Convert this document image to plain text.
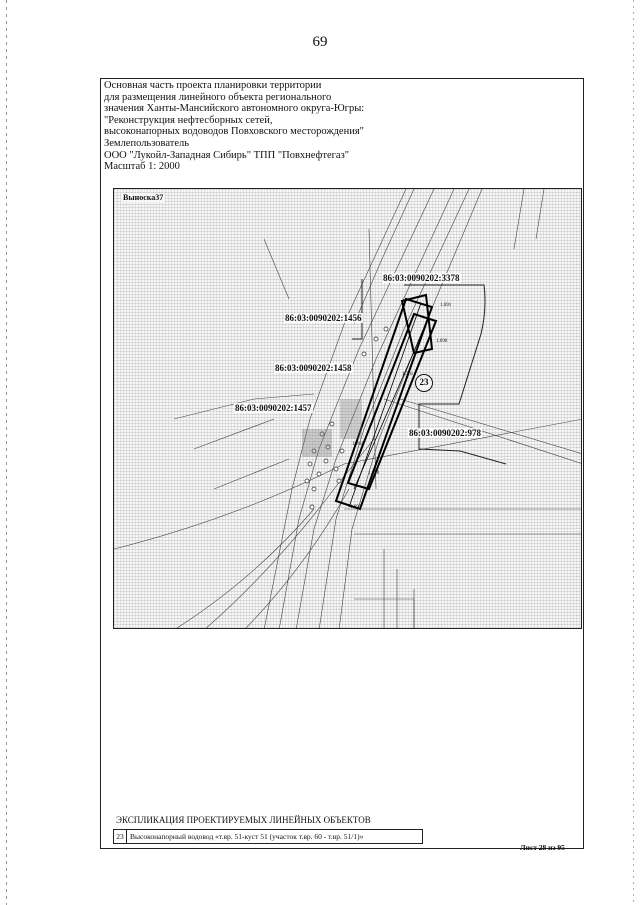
69
Основная часть проекта планировки территории
для размещения линейного объекта регионального
значения Ханты-Мансийского автономного округа-Югры:
"Реконструкция нефтесборных сетей,
высоконапорных водоводов Повховского месторождения"
Землепользователь
ООО "Лукойл-Западная Сибирь" ТПП "Повхнефтегаз"
Масштаб 1: 2000
Выноска37
86:03:0090202:3378
86:03:0090202:1456
86:03:0090202:1458
86:03:0090202:1457
86:03:0090202:978
1.691
1.690
1.702
1.700
1.701
1.699
23
ЭКСПЛИКАЦИЯ ПРОЕКТИРУЕМЫХ ЛИНЕЙНЫХ ОБЪЕКТОВ
23 Высоконапорный водовод «т.вр. 51-куст 51 (участок т.вр. 60 - т.вр. 51/1)»
Лист 28 из 95
